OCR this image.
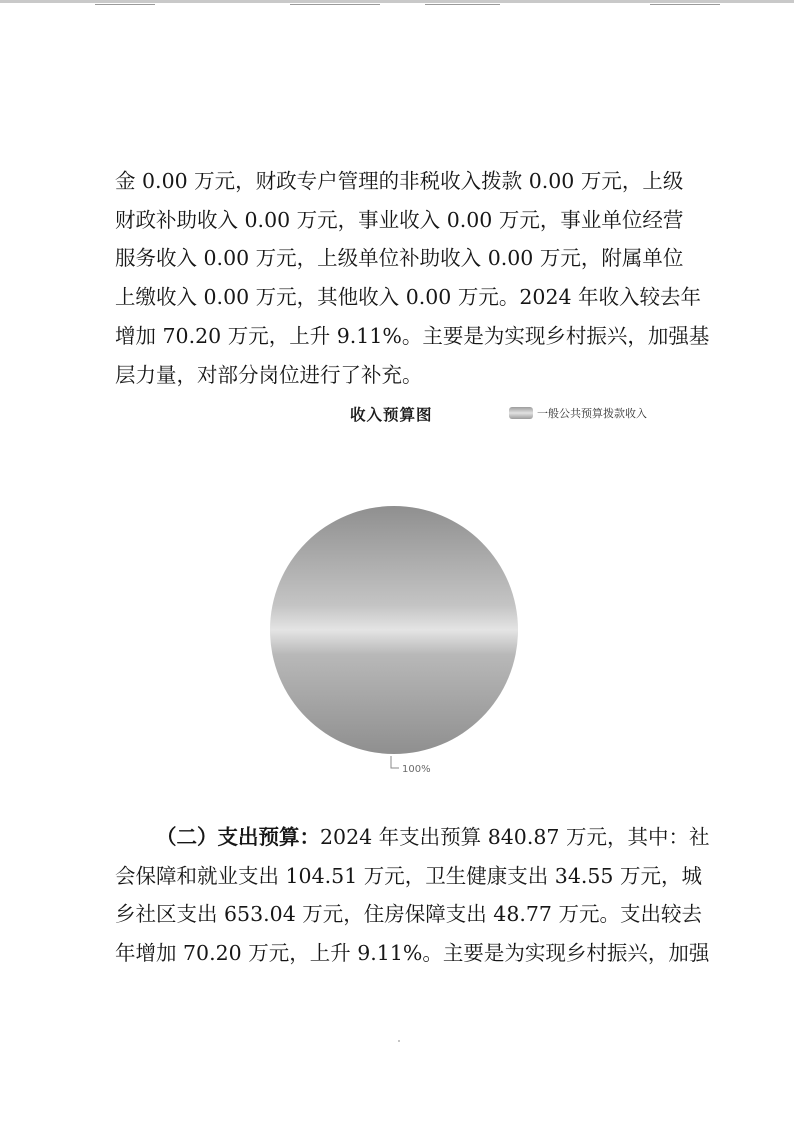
金 0.00 万元，财政专户管理的非税收入拨款 0.00 万元，上级
财政补助收入 0.00 万元，事业收入 0.00 万元，事业单位经营
服务收入 0.00 万元，上级单位补助收入 0.00 万元，附属单位
上缴收入 0.00 万元，其他收入 0.00 万元。2024 年收入较去年
增加 70.20 万元，上升 9.11%。主要是为实现乡村振兴，加强基
层力量，对部分岗位进行了补充。

收入预算图	一般公共预算拨款收入
100%

（二）支出预算：2024 年支出预算 840.87 万元，其中：社
会保障和就业支出 104.51 万元，卫生健康支出 34.55 万元，城
乡社区支出 653.04 万元，住房保障支出 48.77 万元。支出较去
年增加 70.20 万元，上升 9.11%。主要是为实现乡村振兴，加强
